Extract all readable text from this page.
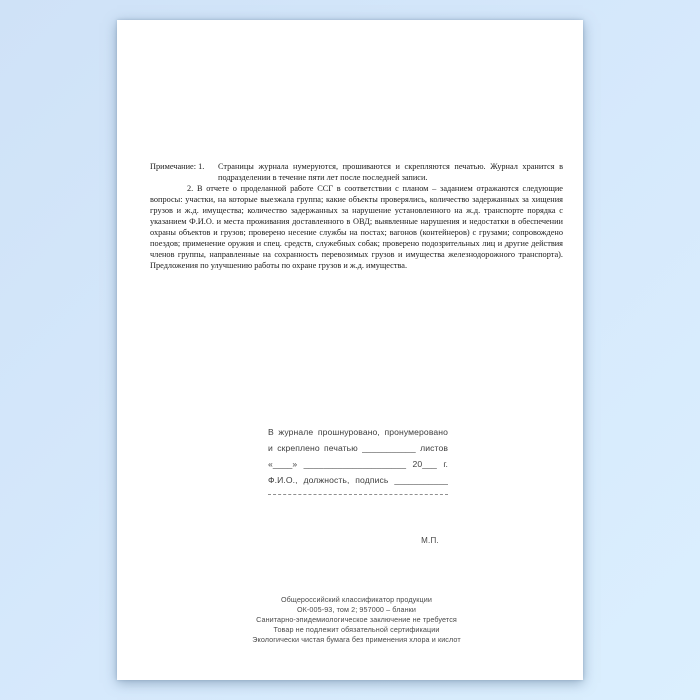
Примечание: 1. Страницы журнала нумеруются, прошиваются и скрепляются печатью. Журнал хранится в подразделении в течение пяти лет после последней записи.

2. В отчете о проделанной работе ССГ в соответствии с планом – заданием отражаются следующие вопросы: участки, на которые выезжала группа; какие объекты проверялись, количество задержанных за хищения грузов и ж.д. имущества; количество задержанных за нарушение установленного на ж.д. транспорте порядка с указанием Ф.И.О. и места проживания доставленного в ОВД; выявленные нарушения и недостатки в обеспечении охраны объектов и грузов; проверено несение службы на постах; вагонов (контейнеров) с грузами; сопровождено поездов; применение оружия и спец. средств, служебных собак; проверено подозрительных лиц и другие действия членов группы, направленные на сохранность перевозимых грузов и имущества железнодорожного транспорта). Предложения по улучшению работы по охране грузов и ж.д. имущества.

В журнале прошнуровано, пронумеровано
и скреплено печатью ___________ листов
«____» _____________________ 20___ г.
Ф.И.О., должность, подпись ___________
М.П.
Общероссийский классификатор продукции
ОК-005-93, том 2; 957000 – бланки
Санитарно-эпидемиологическое заключение не требуется
Товар не подлежит обязательной сертификации
Экологически чистая бумага без применения хлора и кислот
